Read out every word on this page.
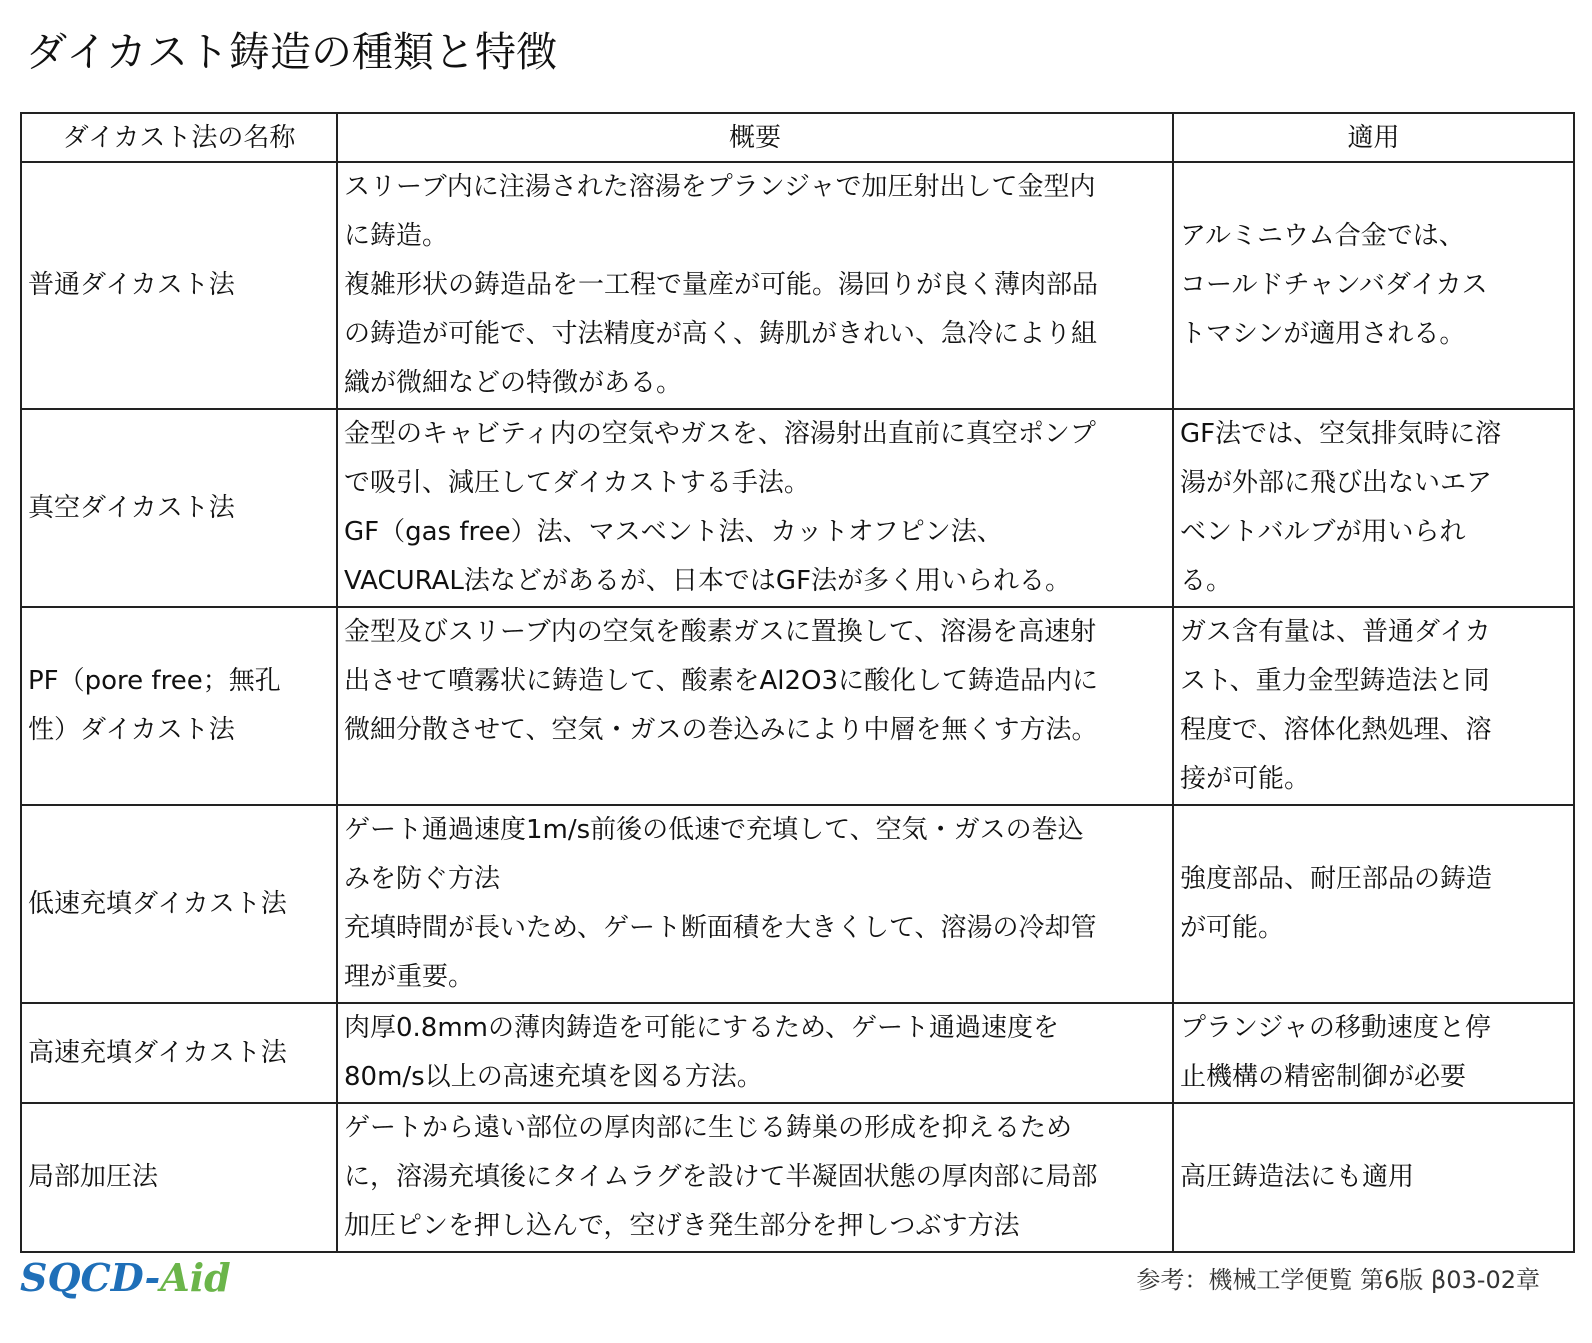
ダイカスト鋳造の種類と特徴
ダイカスト法の名称	概要	適用

普通ダイカスト法	スリーブ内に注湯された溶湯をプランジャで加圧射出して金型内
に鋳造。
複雑形状の鋳造品を一工程で量産が可能。湯回りが良く薄肉部品
の鋳造が可能で、寸法精度が高く、鋳肌がきれい、急冷により組
織が微細などの特徴がある。	アルミニウム合金では、
コールドチャンバダイカス
トマシンが適用される。

真空ダイカスト法	金型のキャビティ内の空気やガスを、溶湯射出直前に真空ポンプ
で吸引、減圧してダイカストする手法。
GF（gas free）法、マスベント法、カットオフピン法、
VACURAL法などがあるが、日本ではGF法が多く用いられる。	GF法では、空気排気時に溶
湯が外部に飛び出ないエア
ベントバルブが用いられ
る。

PF（pore free；無孔
性）ダイカスト法	金型及びスリーブ内の空気を酸素ガスに置換して、溶湯を高速射
出させて噴霧状に鋳造して、酸素をAl2O3に酸化して鋳造品内に
微細分散させて、空気・ガスの巻込みにより中層を無くす方法。	ガス含有量は、普通ダイカ
スト、重力金型鋳造法と同
程度で、溶体化熱処理、溶
接が可能。

低速充填ダイカスト法	ゲート通過速度1m/s前後の低速で充填して、空気・ガスの巻込
みを防ぐ方法
充填時間が長いため、ゲート断面積を大きくして、溶湯の冷却管
理が重要。	強度部品、耐圧部品の鋳造
が可能。

高速充填ダイカスト法	肉厚0.8mmの薄肉鋳造を可能にするため、ゲート通過速度を
80m/s以上の高速充填を図る方法。	プランジャの移動速度と停
止機構の精密制御が必要

局部加圧法	ゲートから遠い部位の厚肉部に生じる鋳巣の形成を抑えるため
に，溶湯充填後にタイムラグを設けて半凝固状態の厚肉部に局部
加圧ピンを押し込んで，空げき発生部分を押しつぶす方法	高圧鋳造法にも適用
SQCD-Aid	参考：機械工学便覧 第6版 β03-02章
